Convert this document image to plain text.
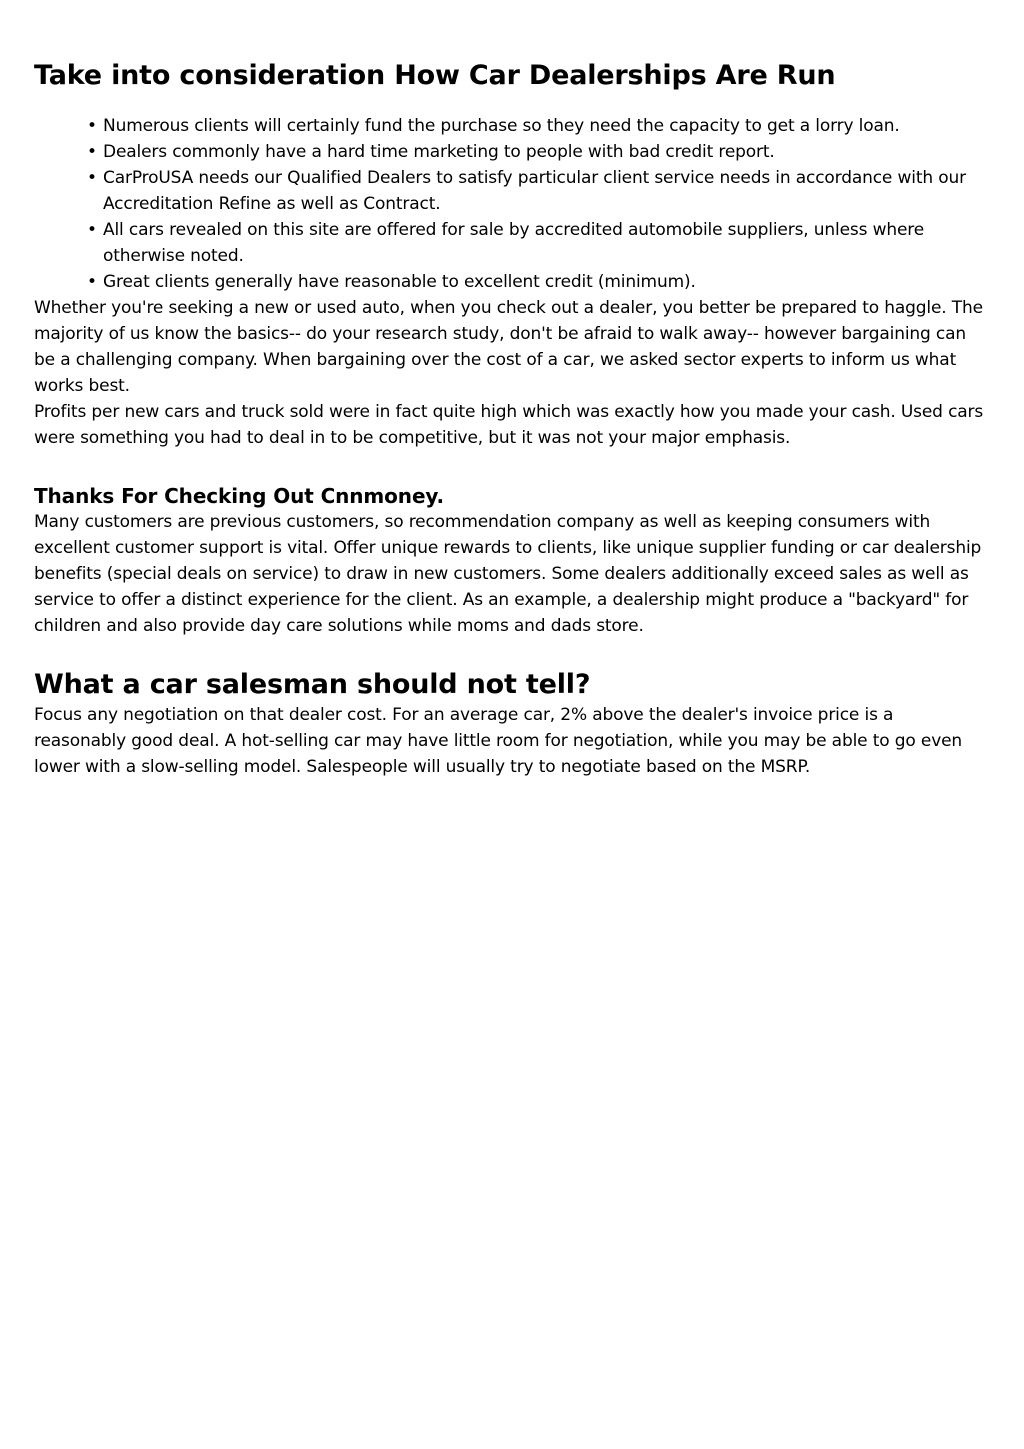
Take into consideration How Car Dealerships Are Run
• Numerous clients will certainly fund the purchase so they need the capacity to get a lorry loan.
• Dealers commonly have a hard time marketing to people with bad credit report.
• CarProUSA needs our Qualified Dealers to satisfy particular client service needs in accordance with our Accreditation Refine as well as Contract.
• All cars revealed on this site are offered for sale by accredited automobile suppliers, unless where otherwise noted.
• Great clients generally have reasonable to excellent credit (minimum).

Whether you're seeking a new or used auto, when you check out a dealer, you better be prepared to haggle. The majority of us know the basics-- do your research study, don't be afraid to walk away-- however bargaining can be a challenging company. When bargaining over the cost of a car, we asked sector experts to inform us what works best.

Profits per new cars and truck sold were in fact quite high which was exactly how you made your cash. Used cars were something you had to deal in to be competitive, but it was not your major emphasis.

Thanks For Checking Out Cnnmoney.

Many customers are previous customers, so recommendation company as well as keeping consumers with excellent customer support is vital. Offer unique rewards to clients, like unique supplier funding or car dealership benefits (special deals on service) to draw in new customers. Some dealers additionally exceed sales as well as service to offer a distinct experience for the client. As an example, a dealership might produce a "backyard" for children and also provide day care solutions while moms and dads store.

What a car salesman should not tell?

Focus any negotiation on that dealer cost. For an average car, 2% above the dealer's invoice price is a reasonably good deal. A hot-selling car may have little room for negotiation, while you may be able to go even lower with a slow-selling model. Salespeople will usually try to negotiate based on the MSRP.
